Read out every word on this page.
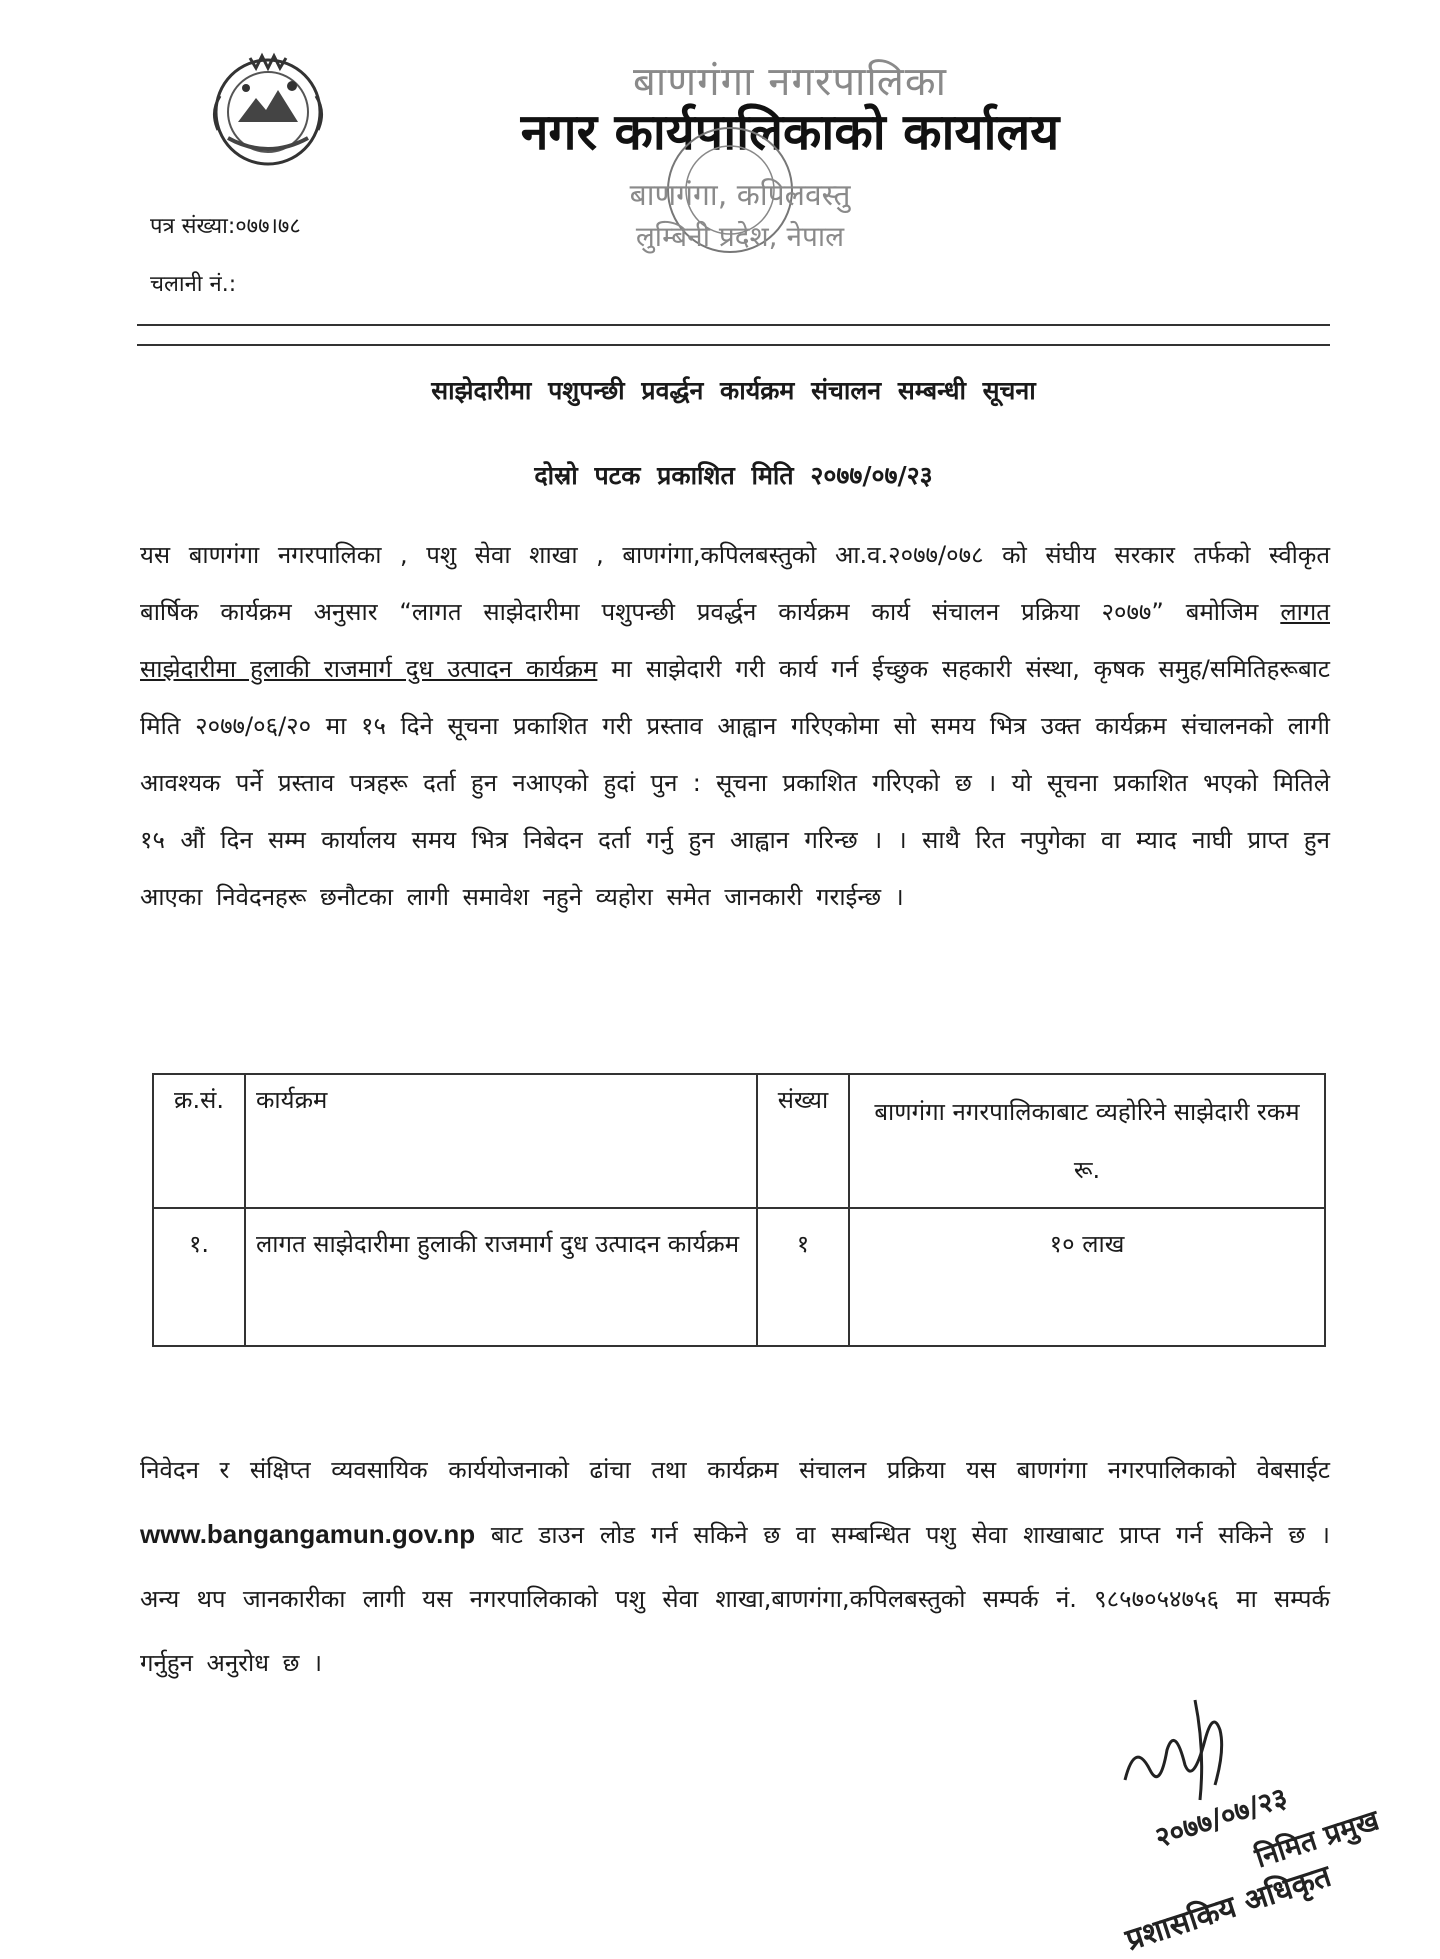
बाणगंगा नगरपालिका
नगर कार्यपालिकाको कार्यालय
बाणगंगा, कपिलवस्तु
लुम्बिनी प्रदेश, नेपाल
पत्र संख्या:०७७।७८
चलानी नं.:
साझेदारीमा पशुपन्छी प्रवर्द्धन कार्यक्रम संचालन सम्बन्धी सूचना
दोस्रो पटक प्रकाशित मिति २०७७/०७/२३
यस बाणगंगा नगरपालिका , पशु सेवा शाखा , बाणगंगा,कपिलबस्तुको आ.व.२०७७/०७८ को संघीय सरकार तर्फको स्वीकृत बार्षिक कार्यक्रम अनुसार “लागत साझेदारीमा पशुपन्छी प्रवर्द्धन कार्यक्रम कार्य संचालन प्रक्रिया २०७७” बमोजिम लागत साझेदारीमा हुलाकी राजमार्ग दुध उत्पादन कार्यक्रम मा साझेदारी गरी कार्य गर्न ईच्छुक सहकारी संस्था, कृषक समुह/समितिहरूबाट मिति २०७७/०६/२० मा १५ दिने सूचना प्रकाशित गरी प्रस्ताव आह्वान गरिएकोमा सो समय भित्र उक्त कार्यक्रम संचालनको लागी आवश्यक पर्ने प्रस्ताव पत्रहरू दर्ता हुन नआएको हुदां पुन : सूचना प्रकाशित गरिएको छ । यो सूचना प्रकाशित भएको मितिले १५ औं दिन सम्म कार्यालय समय भित्र निबेदन दर्ता गर्नु हुन आह्वान गरिन्छ । । साथै रित नपुगेका वा म्याद नाघी प्राप्त हुन आएका निवेदनहरू छनौटका लागी समावेश नहुने व्यहोरा समेत जानकारी गराईन्छ ।
क्र.सं.	कार्यक्रम	संख्या	बाणगंगा नगरपालिकाबाट व्यहोरिने साझेदारी रकम रू.
१.	लागत साझेदारीमा हुलाकी राजमार्ग दुध उत्पादन कार्यक्रम	१	१० लाख
निवेदन र संक्षिप्त व्यवसायिक कार्ययोजनाको ढांचा तथा कार्यक्रम संचालन प्रक्रिया यस बाणगंगा नगरपालिकाको वेबसाईट www.bangangamun.gov.np बाट डाउन लोड गर्न सकिने छ वा सम्बन्धित पशु सेवा शाखाबाट प्राप्त गर्न सकिने छ । अन्य थप जानकारीका लागी यस नगरपालिकाको पशु सेवा शाखा,बाणगंगा,कपिलबस्तुको सम्पर्क नं. ९८५७०५४७५६ मा सम्पर्क गर्नुहुन अनुरोध छ ।
२०७७/०७/२३
निमित प्रमुख
प्रशासकिय अधिकृत
